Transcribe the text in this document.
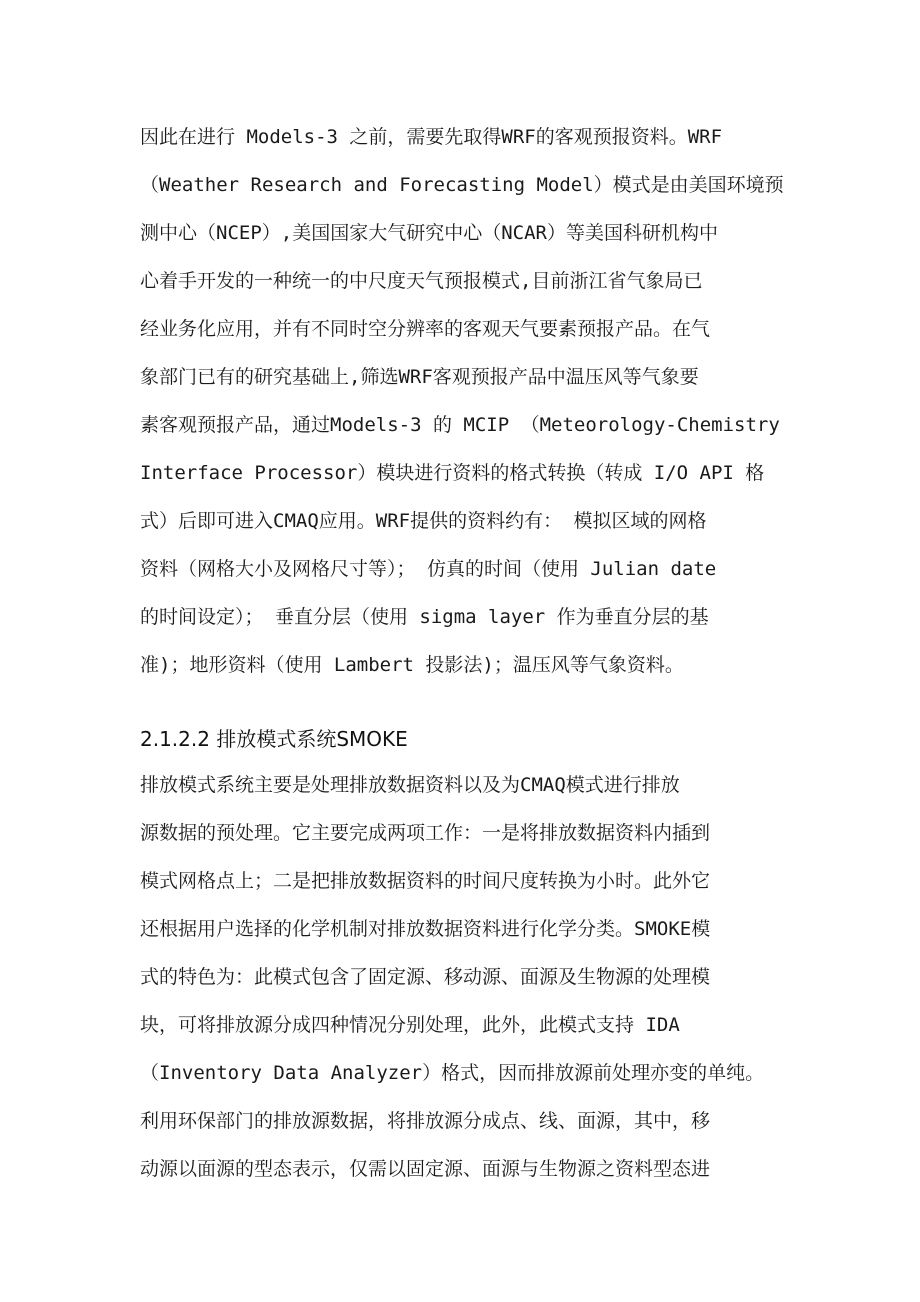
因此在进行 Models-3 之前，需要先取得WRF的客观预报资料。WRF
（Weather Research and Forecasting Model）模式是由美国环境预
测中心（NCEP）,美国国家大气研究中心（NCAR）等美国科研机构中
心着手开发的一种统一的中尺度天气预报模式,目前浙江省气象局已
经业务化应用，并有不同时空分辨率的客观天气要素预报产品。在气
象部门已有的研究基础上,筛选WRF客观预报产品中温压风等气象要
素客观预报产品，通过Models-3 的 MCIP （Meteorology-Chemistry
Interface Processor）模块进行资料的格式转换（转成 I/O API 格
式）后即可进入CMAQ应用。WRF提供的资料约有： 模拟区域的网格
资料（网格大小及网格尺寸等）； 仿真的时间（使用 Julian date
的时间设定）； 垂直分层（使用 sigma layer 作为垂直分层的基
准)；地形资料（使用 Lambert 投影法)；温压风等气象资料。
2.1.2.2 排放模式系统SMOKE
排放模式系统主要是处理排放数据资料以及为CMAQ模式进行排放
源数据的预处理。它主要完成两项工作：一是将排放数据资料内插到
模式网格点上；二是把排放数据资料的时间尺度转换为小时。此外它
还根据用户选择的化学机制对排放数据资料进行化学分类。SMOKE模
式的特色为：此模式包含了固定源、移动源、面源及生物源的处理模
块，可将排放源分成四种情况分别处理，此外，此模式支持 IDA
（Inventory Data Analyzer）格式，因而排放源前处理亦变的单纯。
利用环保部门的排放源数据，将排放源分成点、线、面源，其中，移
动源以面源的型态表示，仅需以固定源、面源与生物源之资料型态进
